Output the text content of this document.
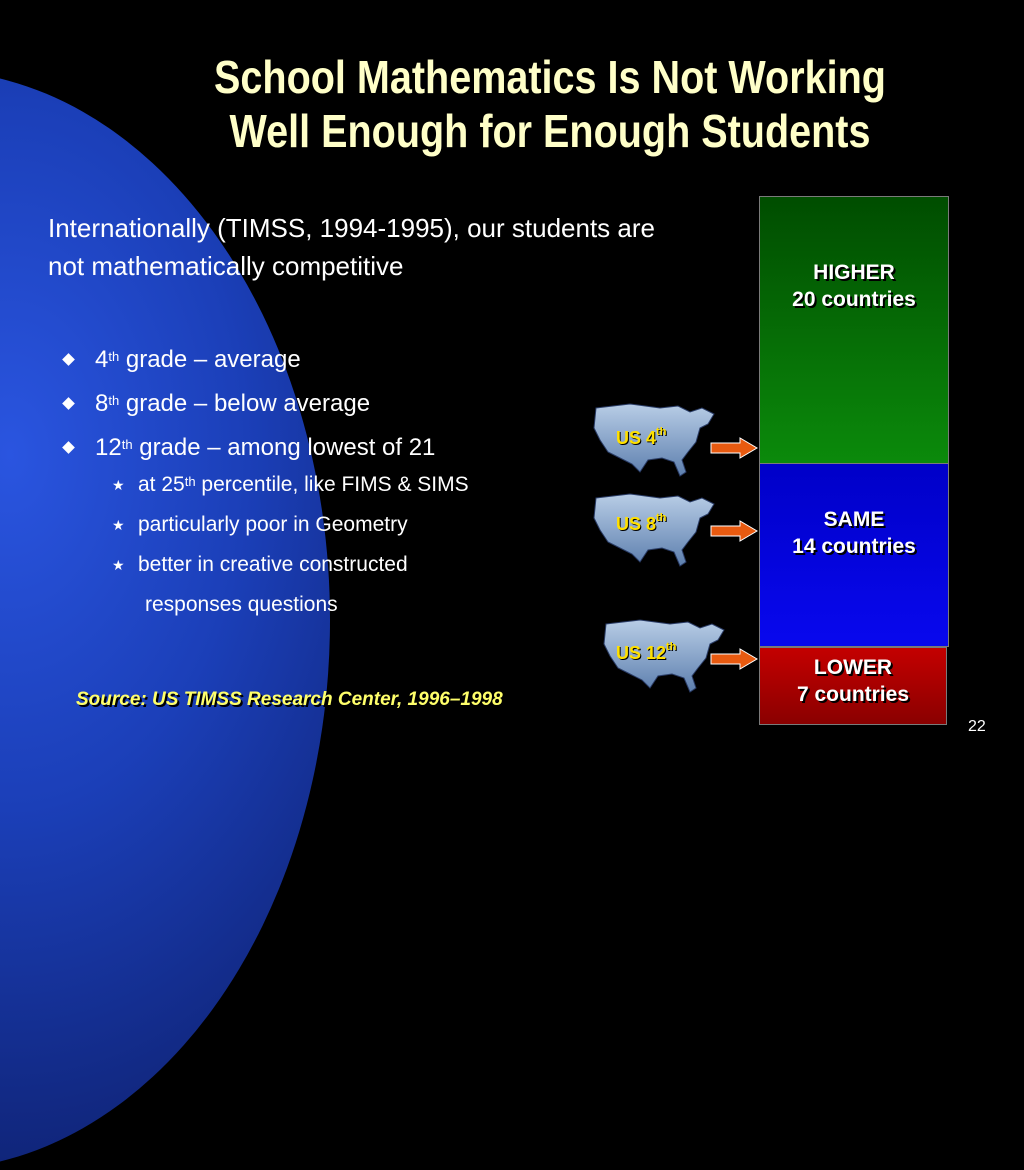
School Mathematics Is Not Working
Well Enough for Enough Students

Internationally (TIMSS, 1994-1995), our students are not mathematically competitive

4th grade – average
8th grade – below average
12th grade – among lowest of 21
★ at 25th percentile, like FIMS & SIMS
★ particularly poor in Geometry
★ better in creative constructed
responses questions

Source: US TIMSS Research Center, 1996–1998

HIGHER
20 countries
SAME
14 countries
LOWER
7 countries
US 4th
US 8th
US 12th
22
